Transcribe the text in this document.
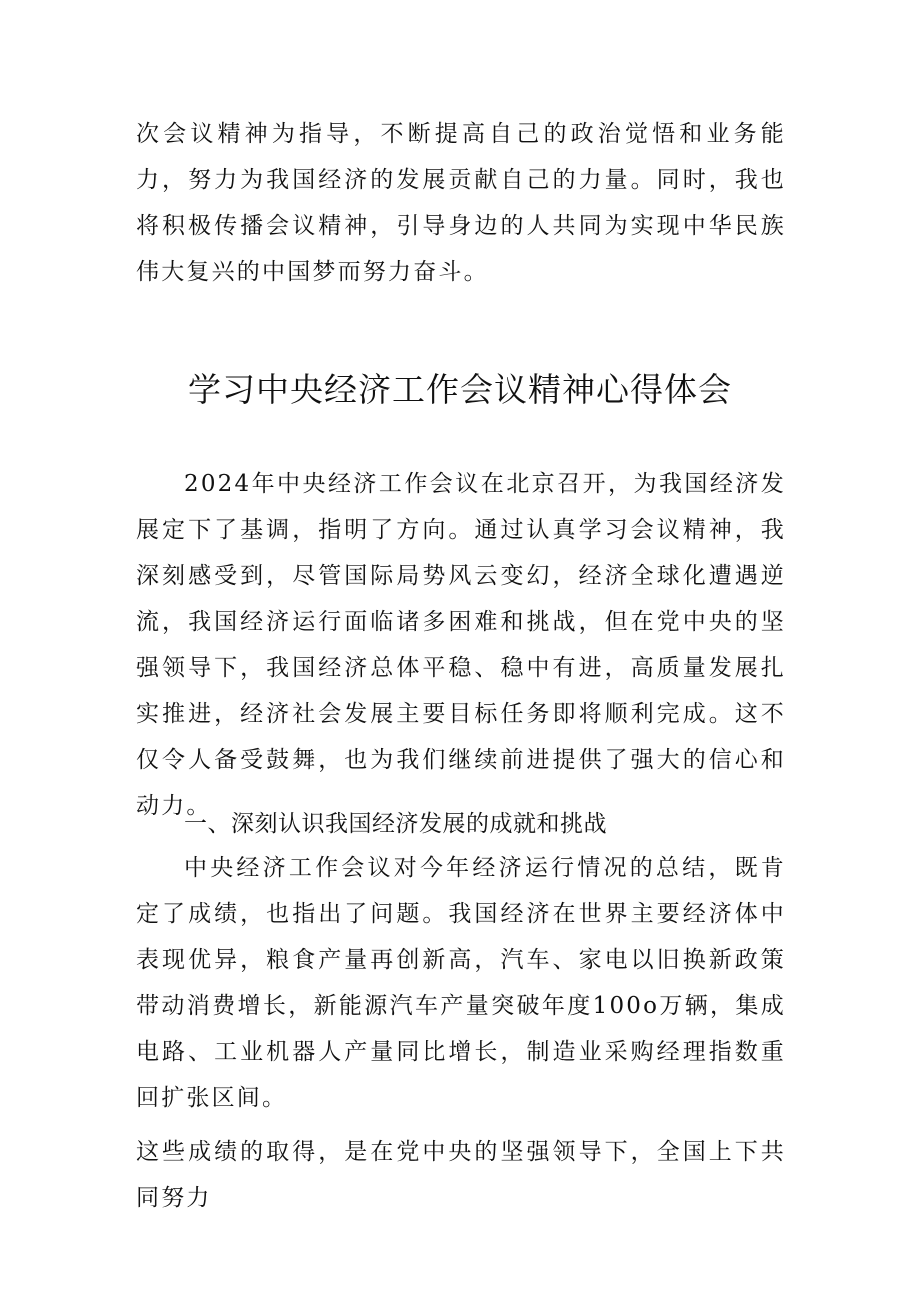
次会议精神为指导，不断提高自己的政治觉悟和业务能力，努力为我国经济的发展贡献自己的力量。同时，我也将积极传播会议精神，引导身边的人共同为实现中华民族伟大复兴的中国梦而努力奋斗。

学习中央经济工作会议精神心得体会

2024年中央经济工作会议在北京召开，为我国经济发展定下了基调，指明了方向。通过认真学习会议精神，我深刻感受到，尽管国际局势风云变幻，经济全球化遭遇逆流，我国经济运行面临诸多困难和挑战，但在党中央的坚强领导下，我国经济总体平稳、稳中有进，高质量发展扎实推进，经济社会发展主要目标任务即将顺利完成。这不仅令人备受鼓舞，也为我们继续前进提供了强大的信心和动力。

一、深刻认识我国经济发展的成就和挑战

中央经济工作会议对今年经济运行情况的总结，既肯定了成绩，也指出了问题。我国经济在世界主要经济体中表现优异，粮食产量再创新高，汽车、家电以旧换新政策带动消费增长，新能源汽车产量突破年度100o万辆，集成电路、工业机器人产量同比增长，制造业采购经理指数重回扩张区间。

这些成绩的取得，是在党中央的坚强领导下，全国上下共同努力
